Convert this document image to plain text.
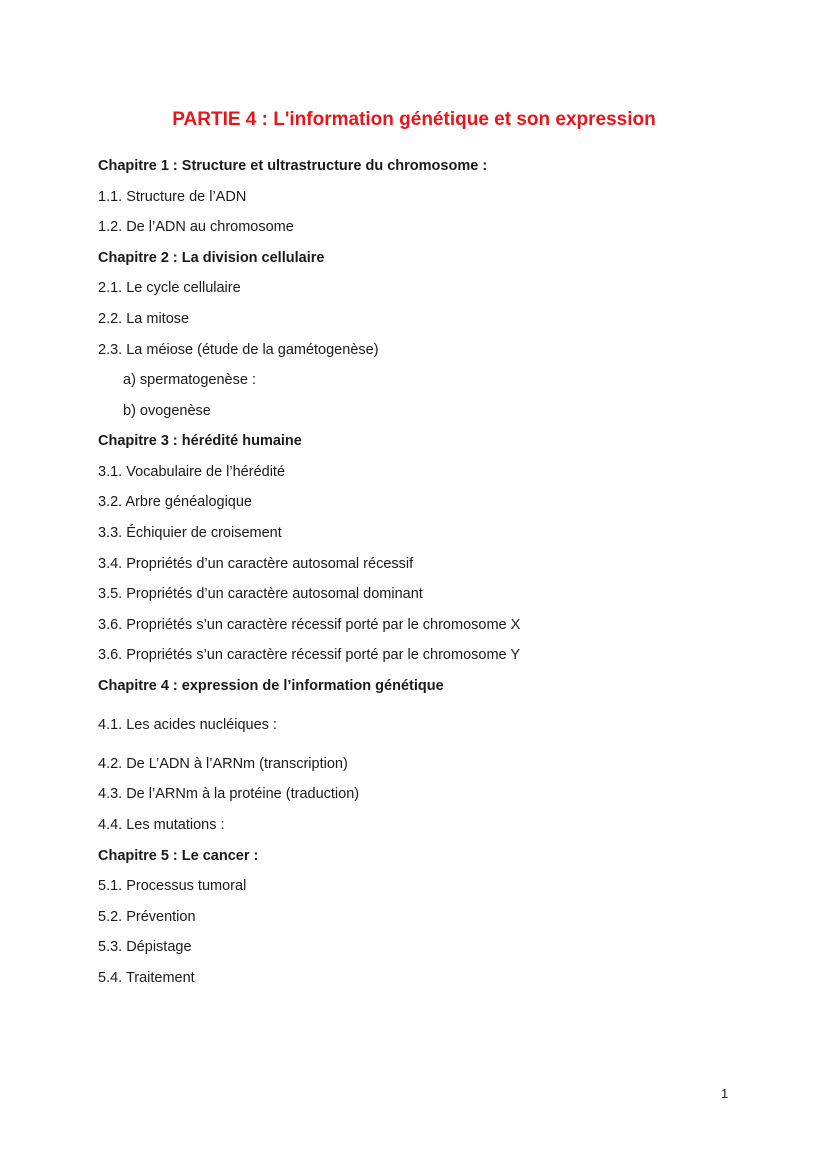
PARTIE 4 : L'information génétique et son expression
Chapitre 1 : Structure et ultrastructure du chromosome :
1.1. Structure de l’ADN
1.2. De l’ADN au chromosome
Chapitre 2 : La division cellulaire
2.1. Le cycle cellulaire
2.2. La mitose
2.3. La méiose (étude de la gamétogenèse)
a) spermatogenèse :
b) ovogenèse
Chapitre 3 : hérédité humaine
3.1. Vocabulaire de l’hérédité
3.2. Arbre généalogique
3.3. Échiquier de croisement
3.4. Propriétés d’un caractère autosomal récessif
3.5. Propriétés d’un caractère autosomal dominant
3.6. Propriétés s’un caractère récessif porté par le chromosome X
3.6. Propriétés s’un caractère récessif porté par le chromosome Y
Chapitre 4 : expression de l’information génétique
4.1. Les acides nucléiques :
4.2. De L’ADN à l’ARNm (transcription)
4.3. De l’ARNm à la protéine (traduction)
4.4. Les mutations :
Chapitre 5 : Le cancer :
5.1. Processus tumoral
5.2. Prévention
5.3. Dépistage
5.4. Traitement
1
